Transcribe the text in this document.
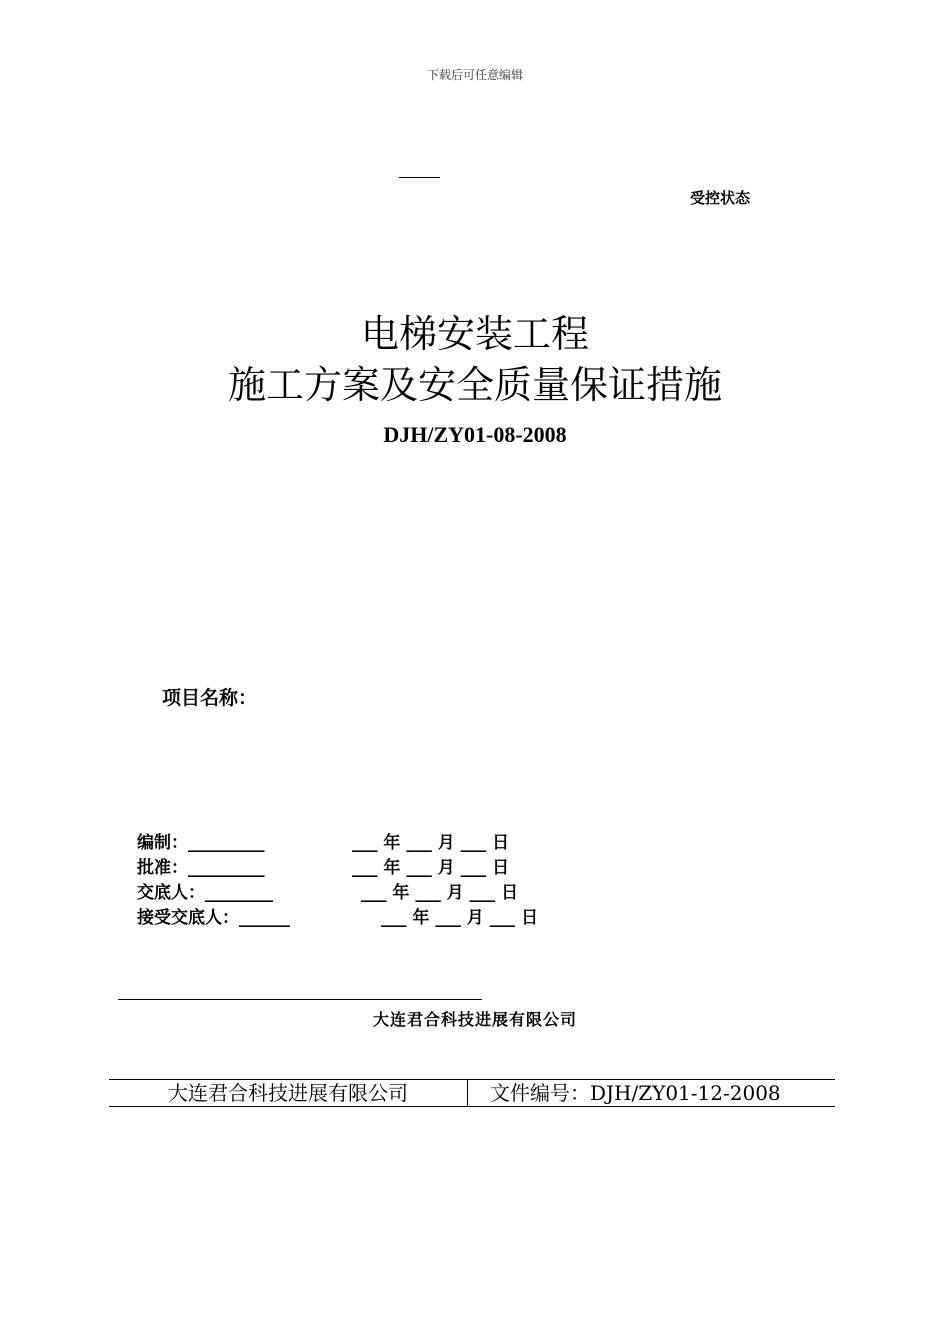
下载后可任意编辑
受控状态
电梯安装工程
施工方案及安全质量保证措施
DJH/ZY01-08-2008
项目名称：
编制：_________	___ 年 ___ 月 ___ 日
批准：_________	___ 年 ___ 月 ___ 日
交底人：________	___ 年 ___ 月 ___ 日
接受交底人：______	___ 年 ___ 月 ___ 日
大连君合科技进展有限公司
大连君合科技进展有限公司	文件编号：DJH/ZY01-12-2008
